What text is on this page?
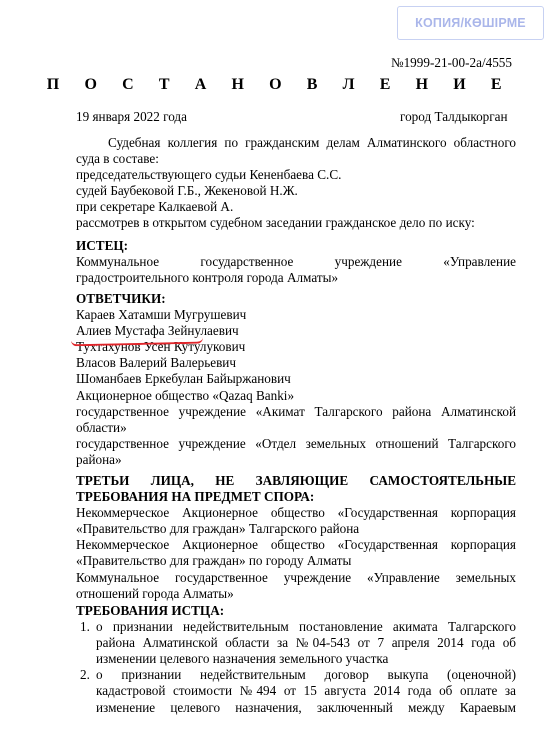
КОПИЯ/КӨШІРМЕ
№1999-21-00-2а/4555
П О С Т А Н О В Л Е Н И Е
19 января 2022 года	город Талдыкорган

Судебная коллегия по гражданским делам Алматинского областного

суда в составе:

председательствующего судьи Кененбаева С.С.

судей Баубековой Г.Б., Жекеновой Н.Ж.

при секретаре Калкаевой А.

рассмотрев в открытом судебном заседании гражданское дело по иску:

ИСТЕЦ:

Коммунальное государственное учреждение «Управление

градостроительного контроля города Алматы»

ОТВЕТЧИКИ:

Караев Хатамши Мугрушевич

Алиев Мустафа Зейнулаевич

Тухтахунов Усен Кутулукович

Власов Валерий Валерьевич

Шоманбаев Еркебулан Байыржанович

Акционерное общество «Qazaq Banki»

государственное учреждение «Акимат Талгарского района Алматинской

области»

государственное учреждение «Отдел земельных отношений Талгарского

района»

ТРЕТЬИ ЛИЦА, НЕ ЗАВЛЯЮЩИЕ САМОСТОЯТЕЛЬНЫЕ

ТРЕБОВАНИЯ НА ПРЕДМЕТ СПОРА:

Некоммерческое Акционерное общество «Государственная корпорация

«Правительство для граждан» Талгарского района

Некоммерческое Акционерное общество «Государственная корпорация

«Правительство для граждан» по городу Алматы

Коммунальное государственное учреждение «Управление земельных

отношений города Алматы»

ТРЕБОВАНИЯ ИСТЦА:

1. о признании недействительным постановление акимата Талгарского

района Алматинской области за №04-543 от 7 апреля 2014 года об

изменении целевого назначения земельного участка

2. о признании недействительным договор выкупа (оценочной)

кадастровой стоимости №494 от 15 августа 2014 года об оплате за

изменение целевого назначения, заключенный между Караевым
